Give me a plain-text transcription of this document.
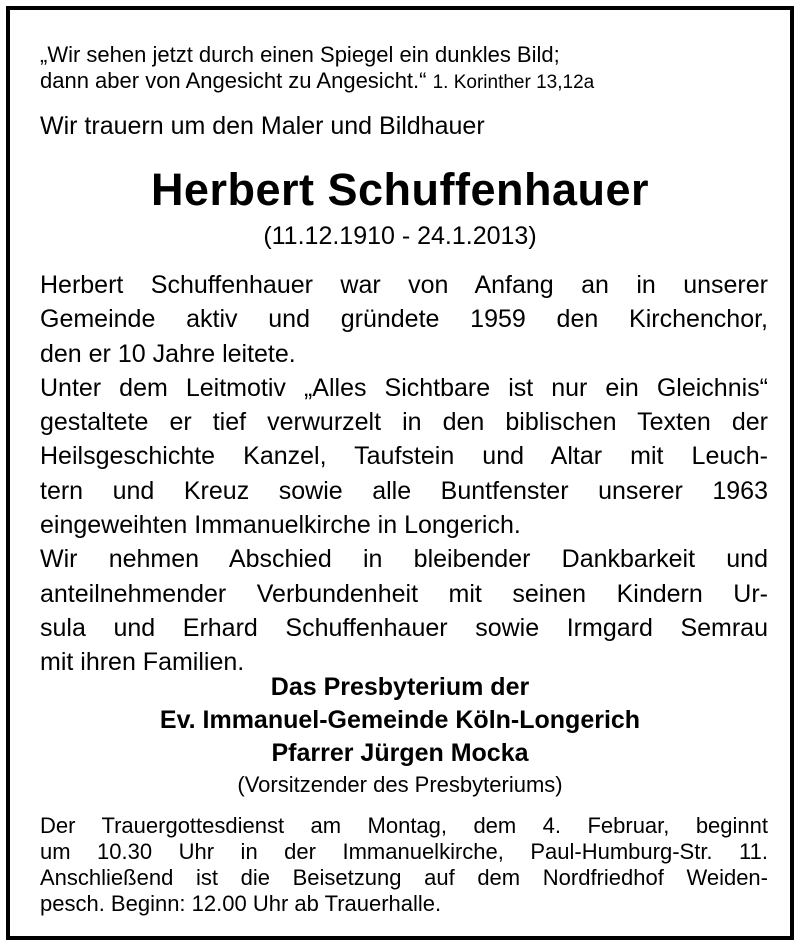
„Wir sehen jetzt durch einen Spiegel ein dunkles Bild;
dann aber von Angesicht zu Angesicht.“ 1. Korinther 13,12a

Wir trauern um den Maler und Bildhauer

Herbert Schuffenhauer

(11.12.1910 - 24.1.2013)

Herbert Schuffenhauer war von Anfang an in unserer
Gemeinde aktiv und gründete 1959 den Kirchenchor,
den er 10 Jahre leitete.
Unter dem Leitmotiv „Alles Sichtbare ist nur ein Gleichnis“
gestaltete er tief verwurzelt in den biblischen Texten der
Heilsgeschichte Kanzel, Taufstein und Altar mit Leuch-
tern und Kreuz sowie alle Buntfenster unserer 1963
eingeweihten Immanuelkirche in Longerich.
Wir nehmen Abschied in bleibender Dankbarkeit und
anteilnehmender Verbundenheit mit seinen Kindern Ur-
sula und Erhard Schuffenhauer sowie Irmgard Semrau
mit ihren Familien.

Das Presbyterium der
Ev. Immanuel-Gemeinde Köln-Longerich
Pfarrer Jürgen Mocka

(Vorsitzender des Presbyteriums)

Der Trauergottesdienst am Montag, dem 4. Februar, beginnt
um 10.30 Uhr in der Immanuelkirche, Paul-Humburg-Str. 11.
Anschließend ist die Beisetzung auf dem Nordfriedhof Weiden-
pesch. Beginn: 12.00 Uhr ab Trauerhalle.
